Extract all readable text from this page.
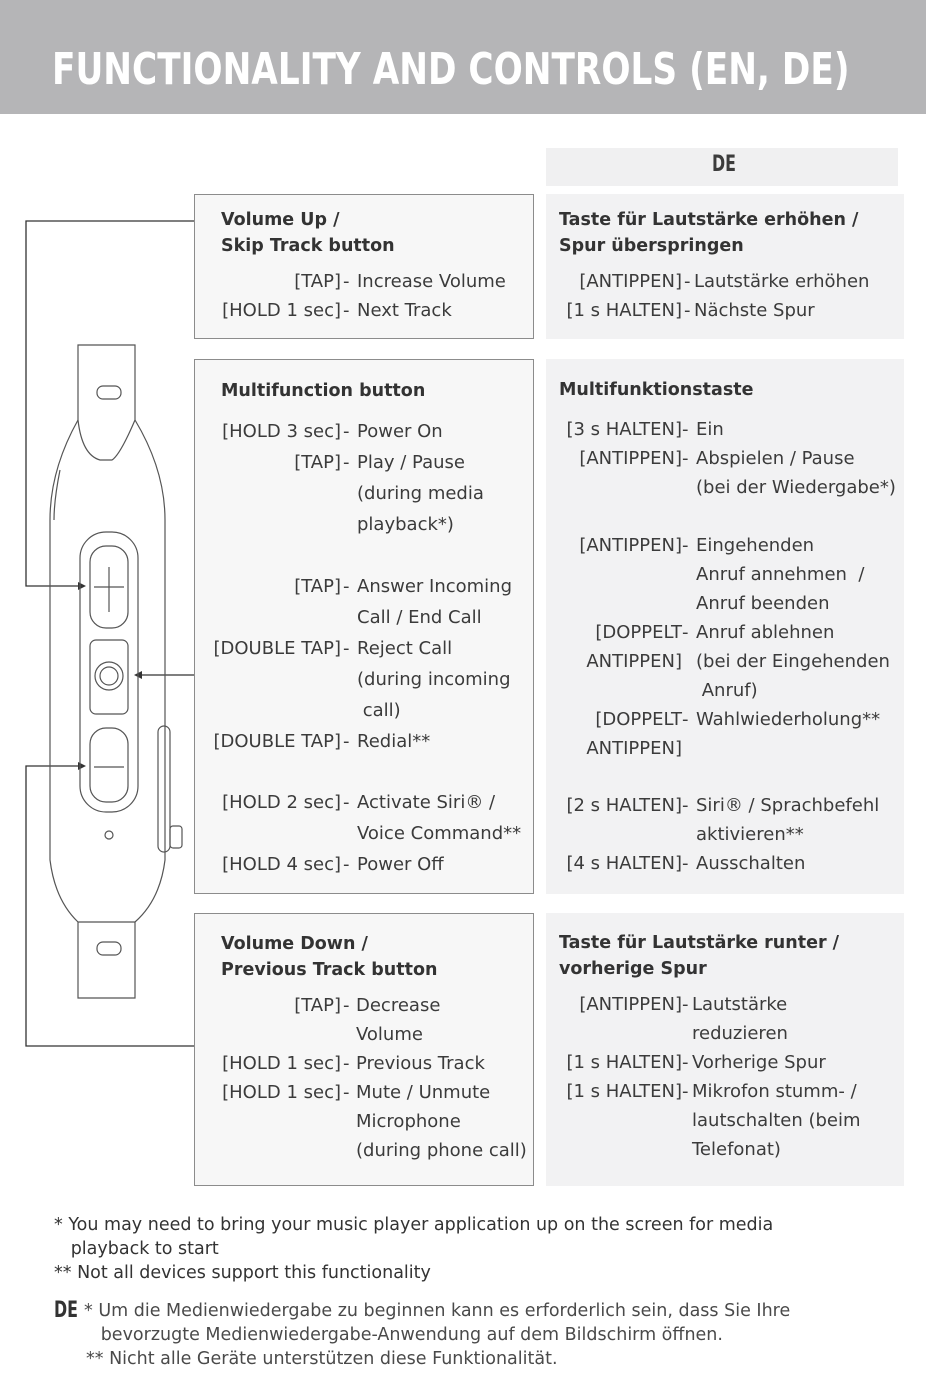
FUNCTIONALITY AND CONTROLS (EN, DE)
DE
Volume Up /
Skip Track button
[TAP] - Increase Volume
[HOLD 1 sec] - Next Track
Taste für Lautstärke erhöhen /
Spur überspringen
[ANTIPPEN] - Lautstärke erhöhen
[1 s HALTEN] - Nächste Spur
Multifunction button
[HOLD 3 sec] - Power On
[TAP] - Play / Pause
(during media
playback*)
[TAP] - Answer Incoming
Call / End Call
[DOUBLE TAP] - Reject Call
(during incoming
call)
[DOUBLE TAP] - Redial**
[HOLD 2 sec] - Activate Siri® /
Voice Command**
[HOLD 4 sec] - Power Off
Multifunktionstaste
[3 s HALTEN] - Ein
[ANTIPPEN] - Abspielen / Pause
(bei der Wiedergabe*)
[ANTIPPEN] - Eingehenden
Anruf annehmen  /
Anruf beenden
[DOPPELT - Anruf ablehnen
ANTIPPEN] (bei der Eingehenden
Anruf)
[DOPPELT - Wahlwiederholung**
ANTIPPEN]
[2 s HALTEN] - Siri® / Sprachbefehl
aktivieren**
[4 s HALTEN] - Ausschalten
Volume Down /
Previous Track button
[TAP] - Decrease
Volume
[HOLD 1 sec] - Previous Track
[HOLD 1 sec] - Mute / Unmute
Microphone
(during phone call)
Taste für Lautstärke runter /
vorherige Spur
[ANTIPPEN] - Lautstärke
reduzieren
[1 s HALTEN] - Vorherige Spur
[1 s HALTEN] - Mikrofon stumm- /
lautschalten (beim
Telefonat)
* You may need to bring your music player application up on the screen for media
playback to start
** Not all devices support this functionality
DE * Um die Medienwiedergabe zu beginnen kann es erforderlich sein, dass Sie Ihre
bevorzugte Medienwiedergabe-Anwendung auf dem Bildschirm öffnen.
** Nicht alle Geräte unterstützen diese Funktionalität.
